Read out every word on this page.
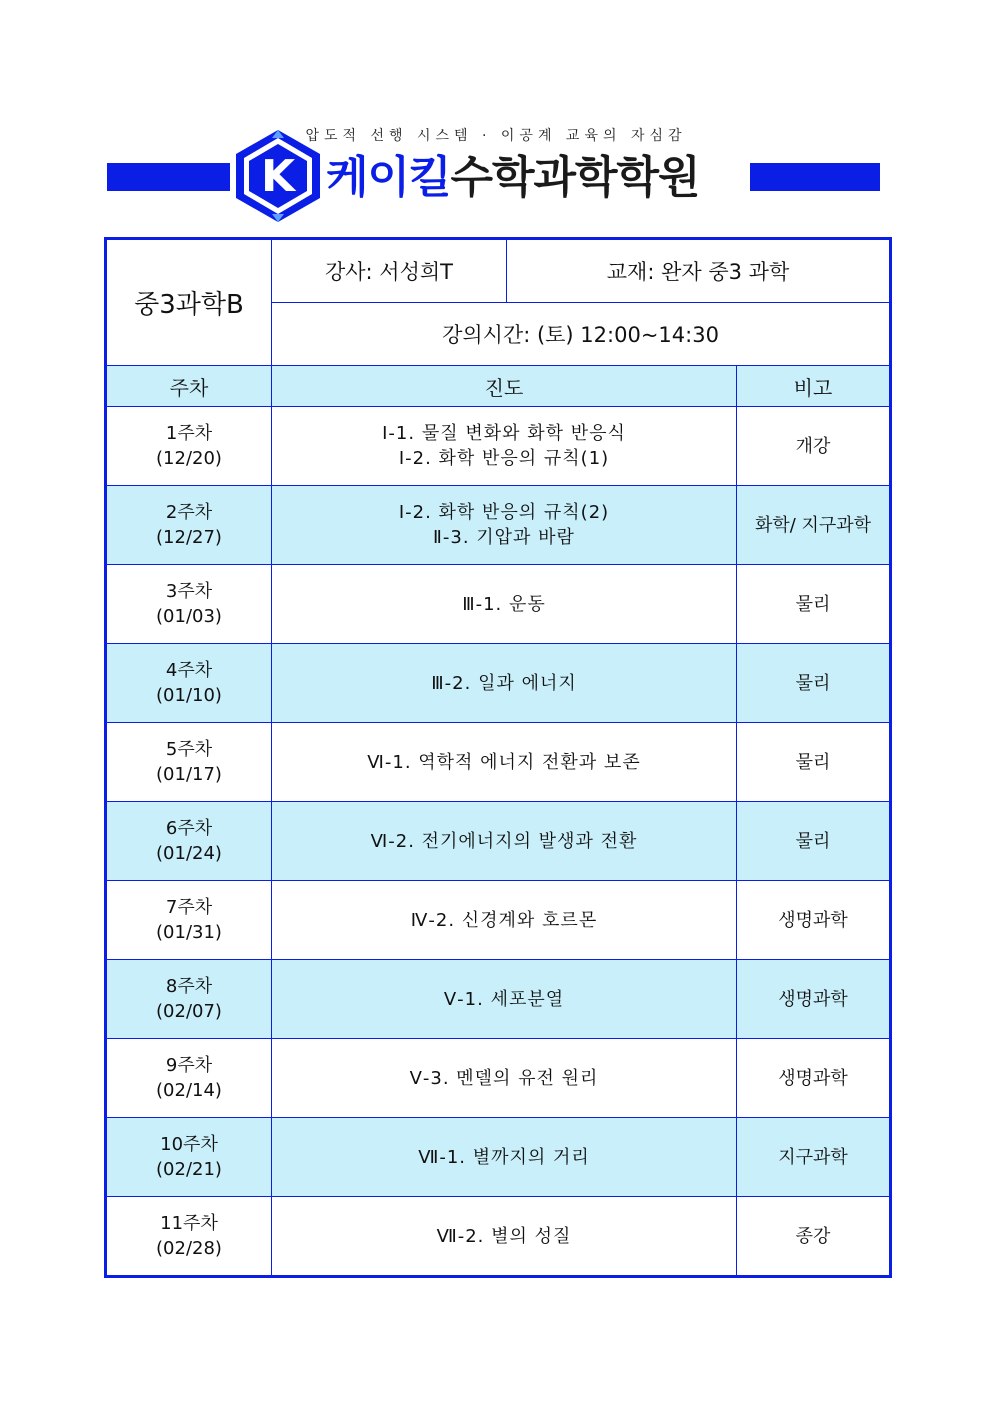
압도적 선행 시스템 · 이공계 교육의 자심감
K 케이킬수학과학학원
중3과학B	강사: 서성희T	교재: 완자 중3 과학	
	강의시간: (토) 12:00~14:30		
주차	진도		비고

1주차
(12/20)	Ⅰ-1. 물질 변화와 화학 반응식
Ⅰ-2. 화학 반응의 규칙(1)		개강

2주차
(12/27)	Ⅰ-2. 화학 반응의 규칙(2)
Ⅱ-3. 기압과 바람		화학/ 지구과학

3주차
(01/03)	Ⅲ-1. 운동		물리

4주차
(01/10)	Ⅲ-2. 일과 에너지		물리

5주차
(01/17)	Ⅵ-1. 역학적 에너지 전환과 보존		물리

6주차
(01/24)	Ⅵ-2. 전기에너지의 발생과 전환		물리

7주차
(01/31)	Ⅳ-2. 신경계와 호르몬		생명과학

8주차
(02/07)	Ⅴ-1. 세포분열		생명과학

9주차
(02/14)	Ⅴ-3. 멘델의 유전 원리		생명과학

10주차
(02/21)	Ⅶ-1. 별까지의 거리		지구과학

11주차
(02/28)	Ⅶ-2. 별의 성질		종강
